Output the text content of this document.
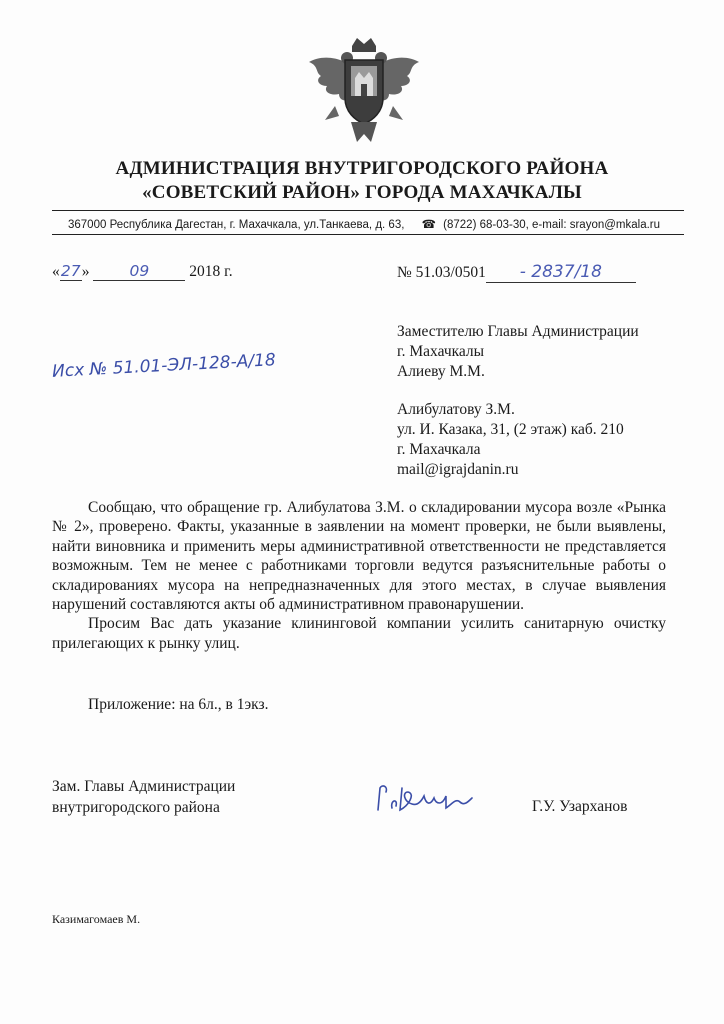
АДМИНИСТРАЦИЯ ВНУТРИГОРОДСКОГО РАЙОНА
«СОВЕТСКИЙ РАЙОН» ГОРОДА МАХАЧКАЛЫ
367000 Республика Дагестан, г. Махачкала, ул.Танкаева, д. 63, ☎ (8722) 68-03-30, e-mail: srayon@mkala.ru
«27»	09	2018 г.	№ 51.03/0501 - 2837/18
Исх № 51.01-ЭЛ-128-А/18
Заместителю Главы Администрации
г. Махачкалы
Алиеву М.М.
Алибулатову З.М.
ул. И. Казака, 31, (2 этаж) каб. 210
г. Махачкала
mail@igrajdanin.ru

Сообщаю, что обращение гр. Алибулатова З.М. о складировании мусора возле «Рынка № 2», проверено. Факты, указанные в заявлении на момент проверки, не были выявлены, найти виновника и применить меры административной ответственности не представляется возможным. Тем не менее с работниками торговли ведутся разъяснительные работы о складированиях мусора на непредназначенных для этого местах, в случае выявления нарушений составляются акты об административном правонарушении.

Просим Вас дать указание клининговой компании усилить санитарную очистку прилегающих к рынку улиц.

Приложение: на 6л., в 1экз.
Зам. Главы Администрации
внутригородского района	Г.У. Узарханов
Казимагомаев М.
